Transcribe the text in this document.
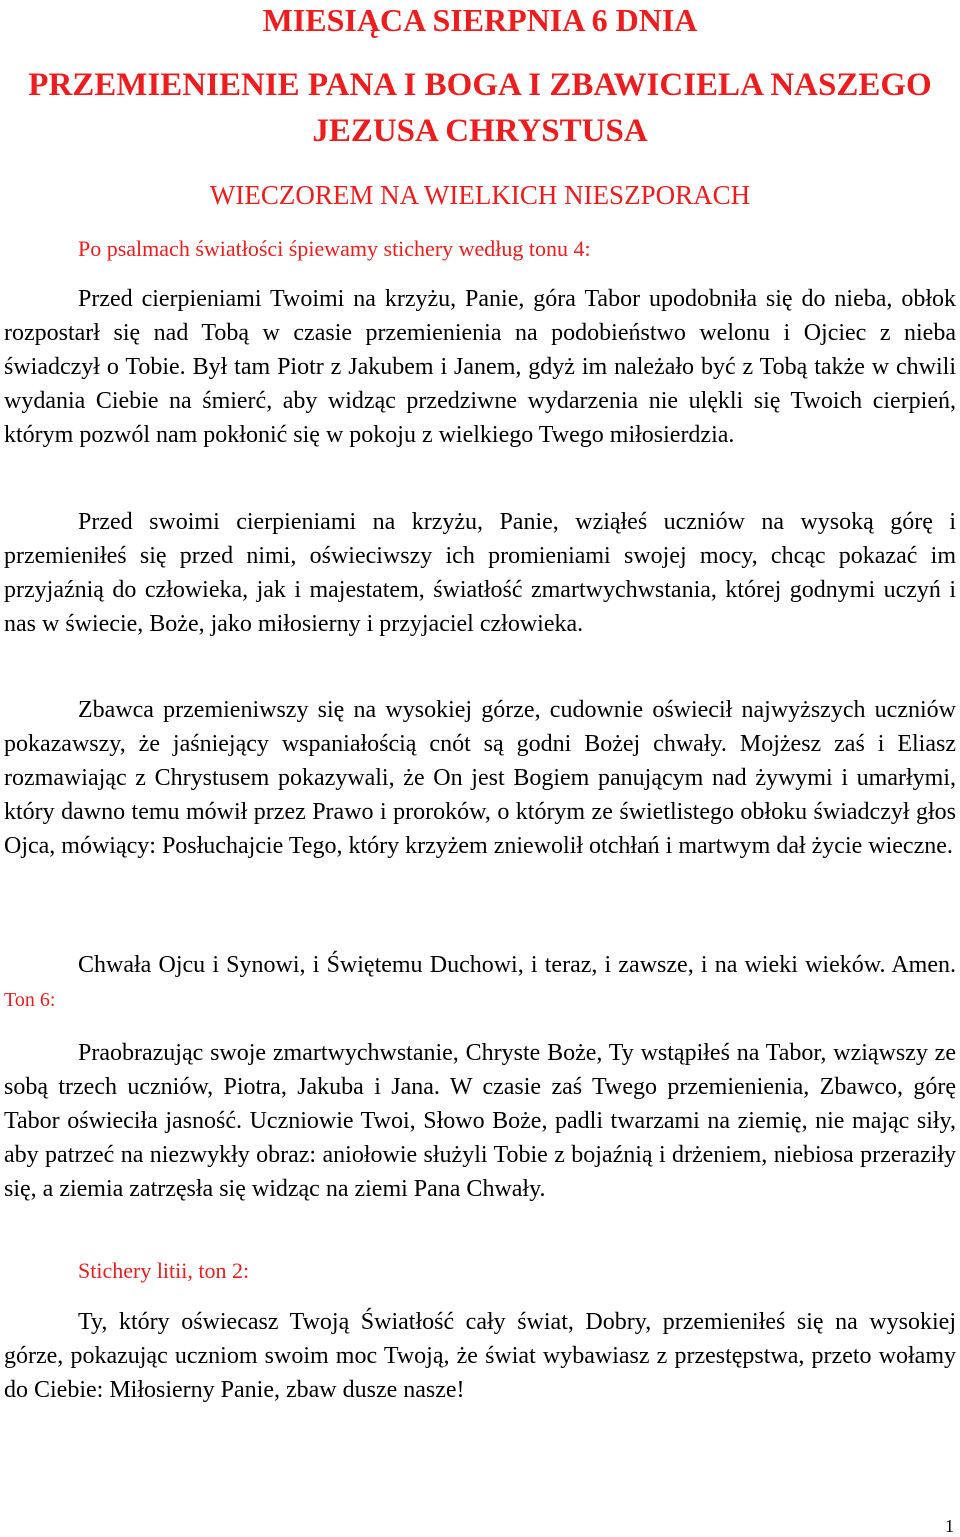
MIESIĄCA SIERPNIA 6 DNIA
PRZEMIENIENIE PANA I BOGA I ZBAWICIELA NASZEGO JEZUSA CHRYSTUSA
WIECZOREM NA WIELKICH NIESZPORACH
Po psalmach światłości śpiewamy stichery według tonu 4:

Przed cierpieniami Twoimi na krzyżu, Panie, góra Tabor upodobniła się do nieba, obłok rozpostarł się nad Tobą w czasie przemienienia na podobieństwo welonu i Ojciec z nieba świadczył o Tobie. Był tam Piotr z Jakubem i Janem, gdyż im należało być z Tobą także w chwili wydania Ciebie na śmierć, aby widząc przedziwne wydarzenia nie ulękli się Twoich cierpień, którym pozwól nam pokłonić się w pokoju z wielkiego Twego miłosierdzia.

Przed swoimi cierpieniami na krzyżu, Panie, wziąłeś uczniów na wysoką górę i przemieniłeś się przed nimi, oświeciwszy ich promieniami swojej mocy, chcąc pokazać im przyjaźnią do człowieka, jak i majestatem, światłość zmartwychwstania, której godnymi uczyń i nas w świecie, Boże, jako miłosierny i przyjaciel człowieka.

Zbawca przemieniwszy się na wysokiej górze, cudownie oświecił najwyższych uczniów pokazawszy, że jaśniejący wspaniałością cnót są godni Bożej chwały. Mojżesz zaś i Eliasz rozmawiając z Chrystusem pokazywali, że On jest Bogiem panującym nad żywymi i umarłymi, który dawno temu mówił przez Prawo i proroków, o którym ze świetlistego obłoku świadczył głos Ojca, mówiący: Posłuchajcie Tego, który krzyżem zniewolił otchłań i martwym dał życie wieczne.

Chwała Ojcu i Synowi, i Świętemu Duchowi, i teraz, i zawsze, i na wieki wieków. Amen. Ton 6:

Praobrazując swoje zmartwychwstanie, Chryste Boże, Ty wstąpiłeś na Tabor, wziąwszy ze sobą trzech uczniów, Piotra, Jakuba i Jana. W czasie zaś Twego przemienienia, Zbawco, górę Tabor oświeciła jasność. Uczniowie Twoi, Słowo Boże, padli twarzami na ziemię, nie mając siły, aby patrzeć na niezwykły obraz: aniołowie służyli Tobie z bojaźnią i drżeniem, niebiosa przeraziły się, a ziemia zatrzęsła się widząc na ziemi Pana Chwały.

Stichery litii, ton 2:

Ty, który oświecasz Twoją Światłość cały świat, Dobry, przemieniłeś się na wysokiej górze, pokazując uczniom swoim moc Twoją, że świat wybawiasz z przestępstwa, przeto wołamy do Ciebie: Miłosierny Panie, zbaw dusze nasze!

1
